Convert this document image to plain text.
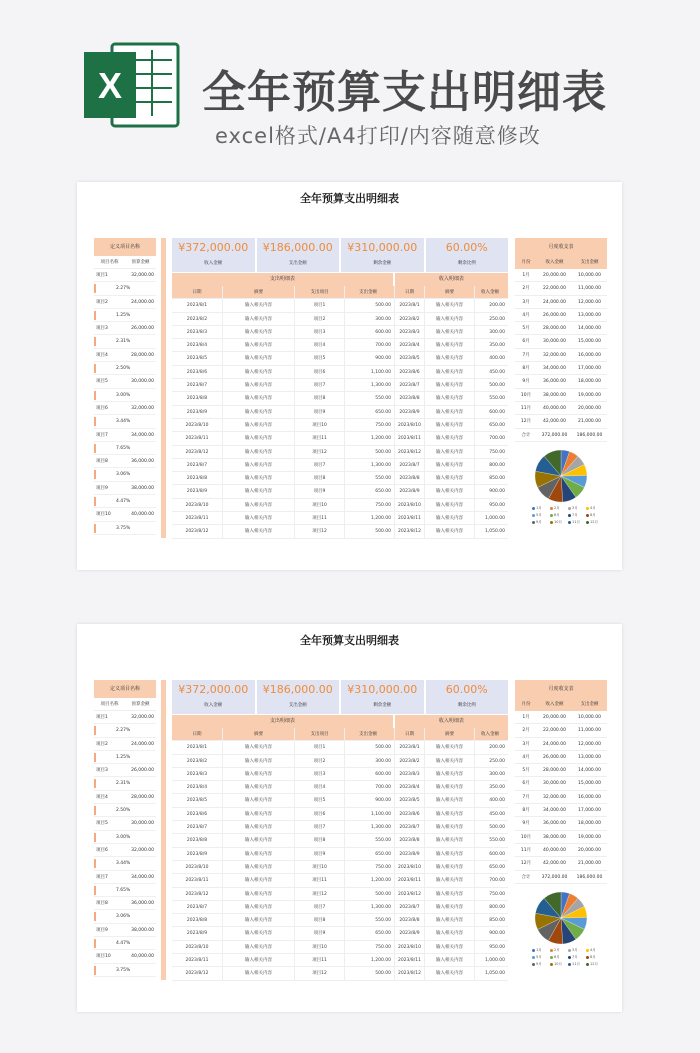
X 全年预算支出明细表
excel格式/A4打印/内容随意修改
全年预算支出明细表
定义项目名称
项目名称	预算金额
项目1	32,000.00
2.27%
项目2	24,000.00
1.25%
项目3	26,000.00
2.31%
项目4	28,000.00
2.50%
项目5	30,000.00
3.00%
项目6	32,000.00
3.44%
项目7	34,000.00
7.65%
项目8	36,000.00
3.06%
项目9	38,000.00
4.47%
项目10	40,000.00
3.75%
¥372,000.00
收入金额
¥186,000.00
支出金额
¥310,000.00
剩余金额
60.00%
剩余比例
支出明细表	收入明细表
日期	摘要	支出项目	支出金额	日期	摘要	收入金额
2023/8/1	输入相关内容	项目1	500.00	2023/8/1	输入相关内容	200.00
2023/8/2	输入相关内容	项目2	300.00	2023/8/2	输入相关内容	250.00
2023/8/3	输入相关内容	项目3	600.00	2023/8/3	输入相关内容	300.00
2023/8/4	输入相关内容	项目4	700.00	2023/8/4	输入相关内容	350.00
2023/8/5	输入相关内容	项目5	900.00	2023/8/5	输入相关内容	400.00
2023/8/6	输入相关内容	项目6	1,100.00	2023/8/6	输入相关内容	450.00
2023/8/7	输入相关内容	项目7	1,300.00	2023/8/7	输入相关内容	500.00
2023/8/8	输入相关内容	项目8	550.00	2023/8/8	输入相关内容	550.00
2023/8/9	输入相关内容	项目9	650.00	2023/8/9	输入相关内容	600.00
2023/8/10	输入相关内容	项目10	750.00	2023/8/10	输入相关内容	650.00
2023/8/11	输入相关内容	项目11	1,200.00	2023/8/11	输入相关内容	700.00
2023/8/12	输入相关内容	项目12	500.00	2023/8/12	输入相关内容	750.00
2023/8/7	输入相关内容	项目7	1,300.00	2023/8/7	输入相关内容	800.00
2023/8/8	输入相关内容	项目8	550.00	2023/8/8	输入相关内容	850.00
2023/8/9	输入相关内容	项目9	650.00	2023/8/9	输入相关内容	900.00
2023/8/10	输入相关内容	项目10	750.00	2023/8/10	输入相关内容	950.00
2023/8/11	输入相关内容	项目11	1,200.00	2023/8/11	输入相关内容	1,000.00
2023/8/12	输入相关内容	项目12	500.00	2023/8/12	输入相关内容	1,050.00
月度收支表
月份	收入金额	支出金额
1月	20,000.00	10,000.00
2月	22,000.00	11,000.00
3月	24,000.00	12,000.00
4月	26,000.00	13,000.00
5月	28,000.00	14,000.00
6月	30,000.00	15,000.00
7月	32,000.00	16,000.00
8月	34,000.00	17,000.00
9月	36,000.00	18,000.00
10月	38,000.00	19,000.00
11月	40,000.00	20,000.00
12月	42,000.00	21,000.00
合计	372,000.00	186,000.00
1月	2月	3月	4月
5月	6月	7月	8月
9月	10月	11月	12月
全年预算支出明细表
定义项目名称
项目名称	预算金额
项目1	32,000.00
2.27%
项目2	24,000.00
1.25%
项目3	26,000.00
2.31%
项目4	28,000.00
2.50%
项目5	30,000.00
3.00%
项目6	32,000.00
3.44%
项目7	34,000.00
7.65%
项目8	36,000.00
3.06%
项目9	38,000.00
4.47%
项目10	40,000.00
3.75%
¥372,000.00
收入金额
¥186,000.00
支出金额
¥310,000.00
剩余金额
60.00%
剩余比例
支出明细表	收入明细表
日期	摘要	支出项目	支出金额	日期	摘要	收入金额
2023/8/1	输入相关内容	项目1	500.00	2023/8/1	输入相关内容	200.00
2023/8/2	输入相关内容	项目2	300.00	2023/8/2	输入相关内容	250.00
2023/8/3	输入相关内容	项目3	600.00	2023/8/3	输入相关内容	300.00
2023/8/4	输入相关内容	项目4	700.00	2023/8/4	输入相关内容	350.00
2023/8/5	输入相关内容	项目5	900.00	2023/8/5	输入相关内容	400.00
2023/8/6	输入相关内容	项目6	1,100.00	2023/8/6	输入相关内容	450.00
2023/8/7	输入相关内容	项目7	1,300.00	2023/8/7	输入相关内容	500.00
2023/8/8	输入相关内容	项目8	550.00	2023/8/8	输入相关内容	550.00
2023/8/9	输入相关内容	项目9	650.00	2023/8/9	输入相关内容	600.00
2023/8/10	输入相关内容	项目10	750.00	2023/8/10	输入相关内容	650.00
2023/8/11	输入相关内容	项目11	1,200.00	2023/8/11	输入相关内容	700.00
2023/8/12	输入相关内容	项目12	500.00	2023/8/12	输入相关内容	750.00
2023/8/7	输入相关内容	项目7	1,300.00	2023/8/7	输入相关内容	800.00
2023/8/8	输入相关内容	项目8	550.00	2023/8/8	输入相关内容	850.00
2023/8/9	输入相关内容	项目9	650.00	2023/8/9	输入相关内容	900.00
2023/8/10	输入相关内容	项目10	750.00	2023/8/10	输入相关内容	950.00
2023/8/11	输入相关内容	项目11	1,200.00	2023/8/11	输入相关内容	1,000.00
2023/8/12	输入相关内容	项目12	500.00	2023/8/12	输入相关内容	1,050.00
月度收支表
月份	收入金额	支出金额
1月	20,000.00	10,000.00
2月	22,000.00	11,000.00
3月	24,000.00	12,000.00
4月	26,000.00	13,000.00
5月	28,000.00	14,000.00
6月	30,000.00	15,000.00
7月	32,000.00	16,000.00
8月	34,000.00	17,000.00
9月	36,000.00	18,000.00
10月	38,000.00	19,000.00
11月	40,000.00	20,000.00
12月	42,000.00	21,000.00
合计	372,000.00	186,000.00
1月	2月	3月	4月
5月	6月	7月	8月
9月	10月	11月	12月
